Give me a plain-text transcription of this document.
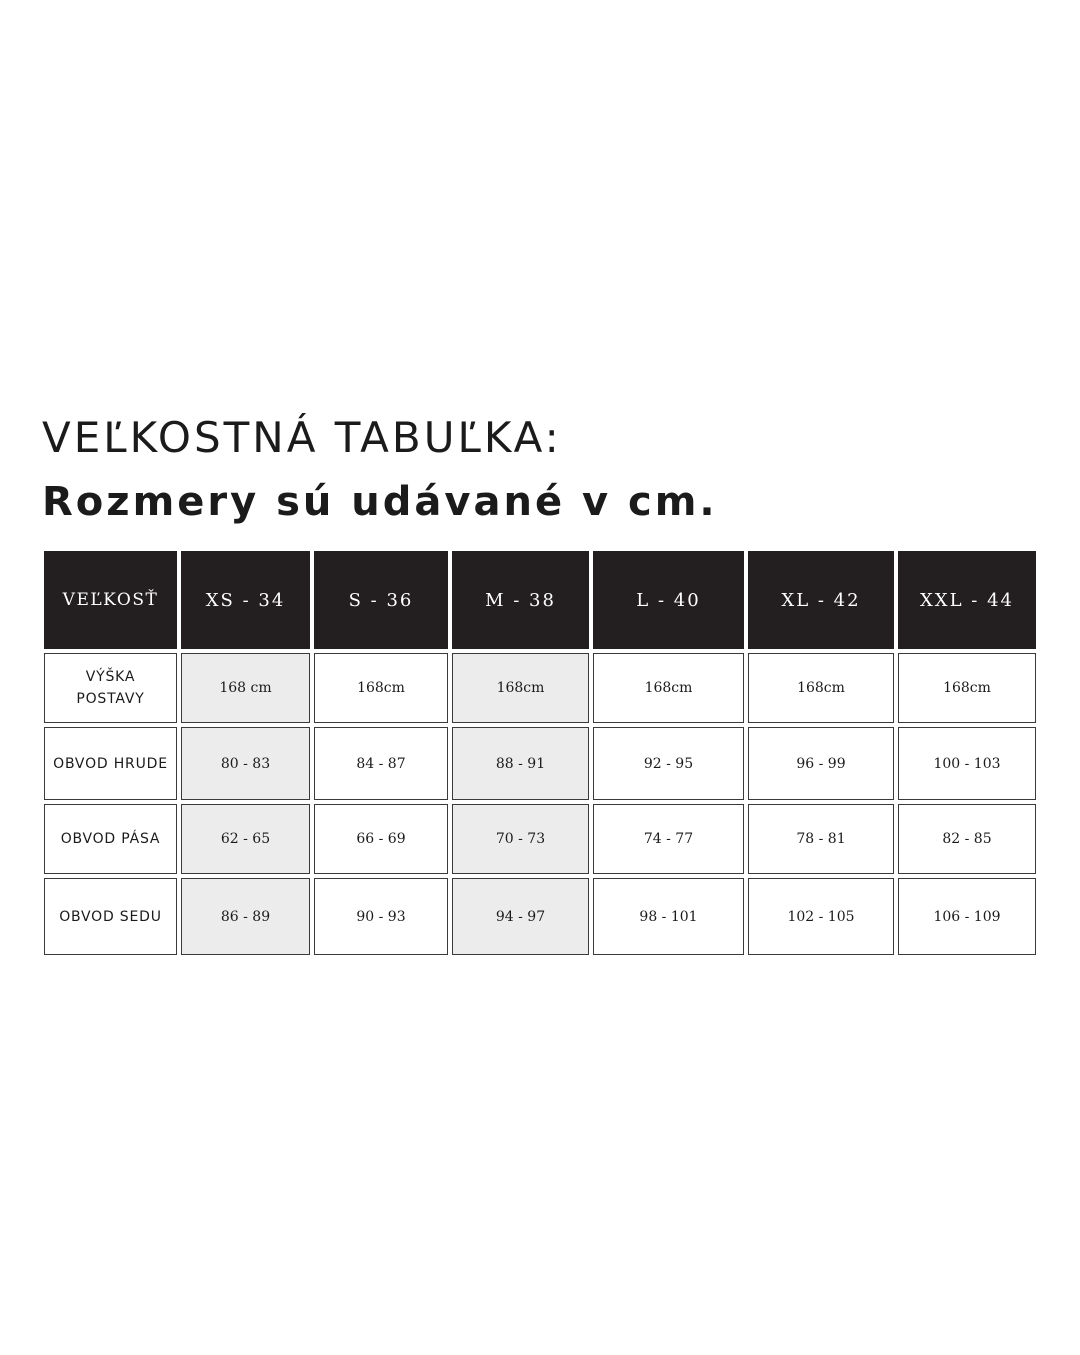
VEĽKOSTNÁ TABUĽKA:
Rozmery sú udávané v cm.
VEĽKOSŤ	XS - 34	S - 36	M - 38	L - 40	XL - 42	XXL - 44
VÝŠKA
POSTAVY	168 cm	168cm	168cm	168cm	168cm	168cm
OBVOD HRUDE	80 - 83	84 - 87	88 - 91	92 - 95	96 - 99	100 - 103
OBVOD PÁSA	62 - 65	66 - 69	70 - 73	74 - 77	78 - 81	82 - 85
OBVOD SEDU	86 - 89	90 - 93	94 - 97	98 - 101	102 - 105	106 - 109
